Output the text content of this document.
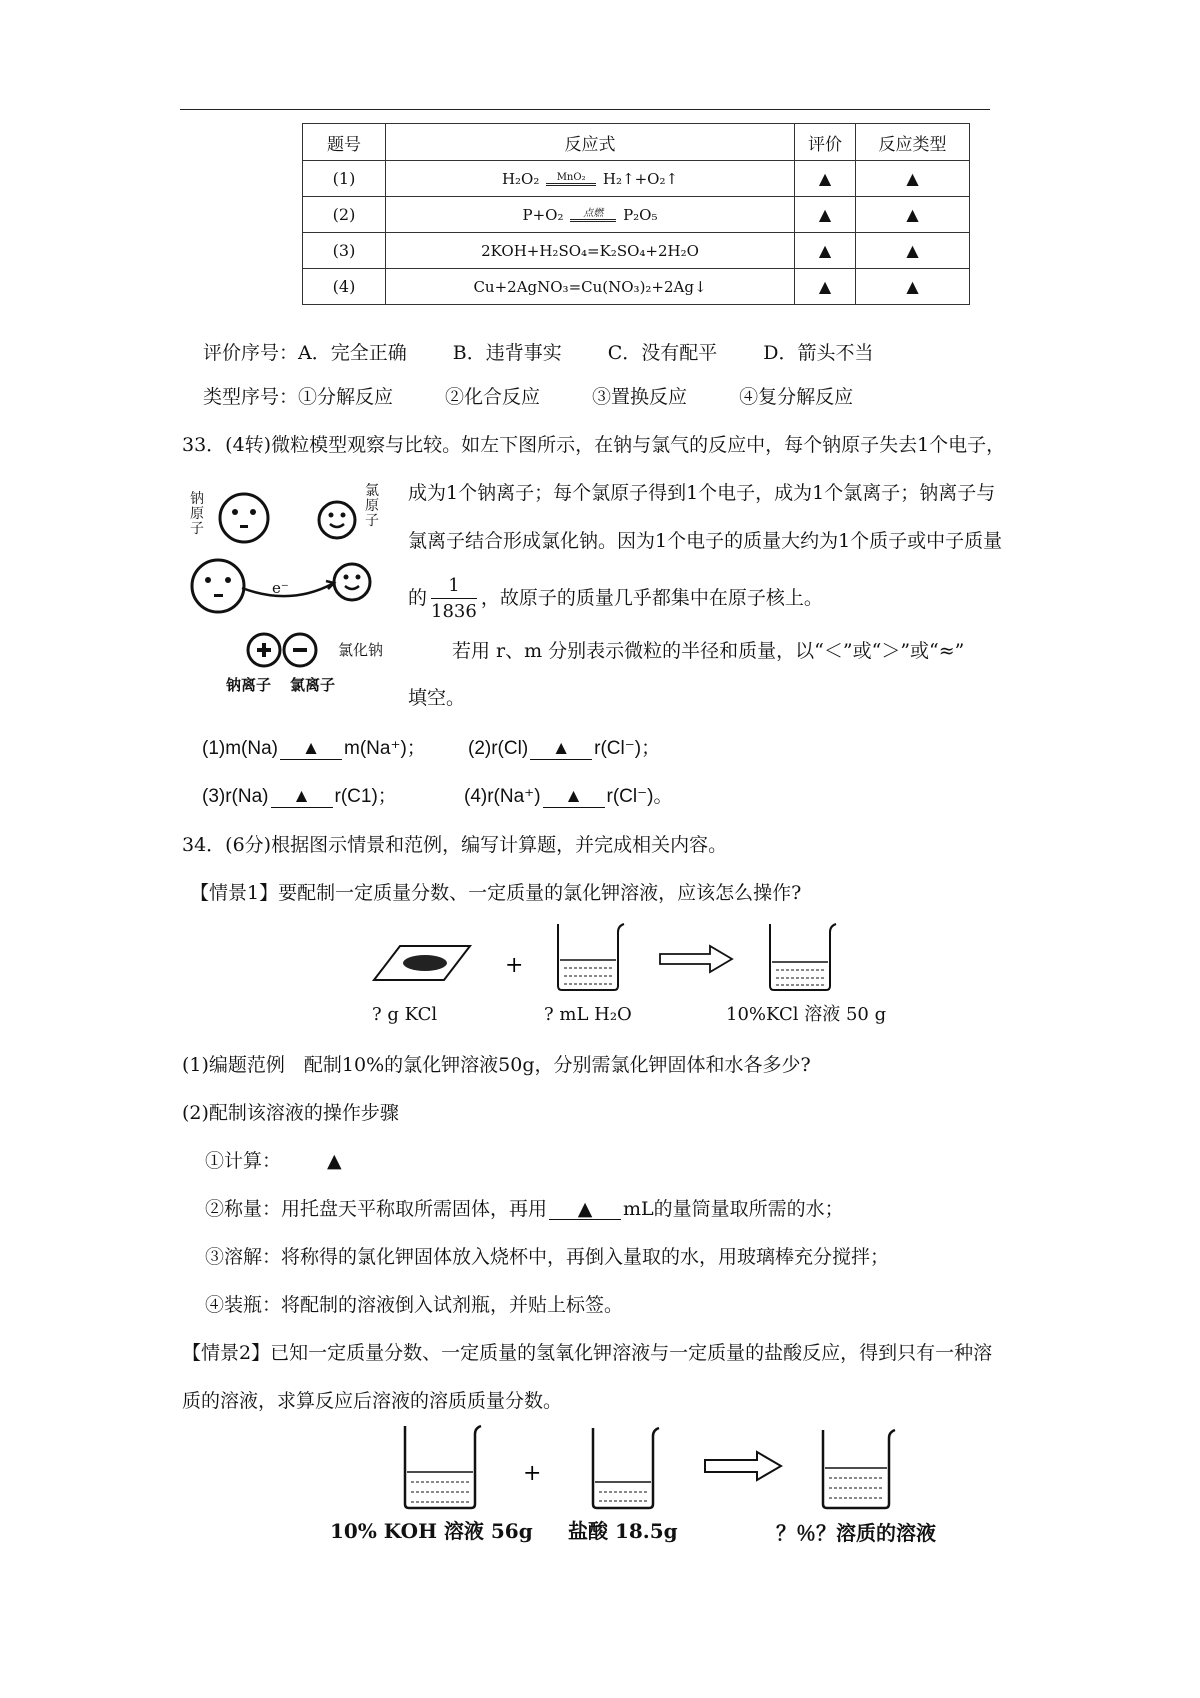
题号	反应式	评价	反应类型
(1)	H₂O₂ MnO₂ H₂↑+O₂↑	▲	▲
(2)	P+O₂ 点燃 P₂O₅	▲	▲
(3)	2KOH+H₂SO₄=K₂SO₄+2H₂O	▲	▲
(4)	Cu+2AgNO₃=Cu(NO₃)₂+2Ag↓	▲	▲
评价序号：A．完全正确 B．违背事实 C．没有配平 D．箭头不当
类型序号：①分解反应	②化合反应	③置换反应	④复分解反应
33．(4转)微粒模型观察与比较。如左下图所示，在钠与氯气的反应中，每个钠原子失去1个电子，
钠原子
氯原子
e⁻
氯化钠
钠离子 氯离子
成为1个钠离子；每个氯原子得到1个电子，成为1个氯离子；钠离子与
氯离子结合形成氯化钠。因为1个电子的质量大约为1个质子或中子质量
的 $\frac{1}{1836}$ ，故原子的质量几乎都集中在原子核上。
若用 r、m 分别表示微粒的半径和质量，以“＜”或“＞”或“≈”
填空。
(1)m(Na) ▲ m(Na⁺)； (2)r(Cl) ▲ r(Cl⁻)；
(3)r(Na) ▲ r(C1)；	(4)r(Na⁺) ▲ r(Cl⁻)。
34．(6分)根据图示情景和范例，编写计算题，并完成相关内容。
【情景1】要配制一定质量分数、一定质量的氯化钾溶液，应该怎么操作?
+
? g KCl	? mL H₂O	10%KCl 溶液 50 g
(1)编题范例　配制10%的氯化钾溶液50g，分别需氯化钾固体和水各多少?
(2)配制该溶液的操作步骤
①计算： ▲
②称量：用托盘天平称取所需固体，再用 ▲ mL的量筒量取所需的水；
③溶解：将称得的氯化钾固体放入烧杯中，再倒入量取的水，用玻璃棒充分搅拌；
④装瓶：将配制的溶液倒入试剂瓶，并贴上标签。
【情景2】已知一定质量分数、一定质量的氢氧化钾溶液与一定质量的盐酸反应，得到只有一种溶
质的溶液，求算反应后溶液的溶质质量分数。
+
10% KOH 溶液 56g 盐酸 18.5g	？％？溶质的溶液
